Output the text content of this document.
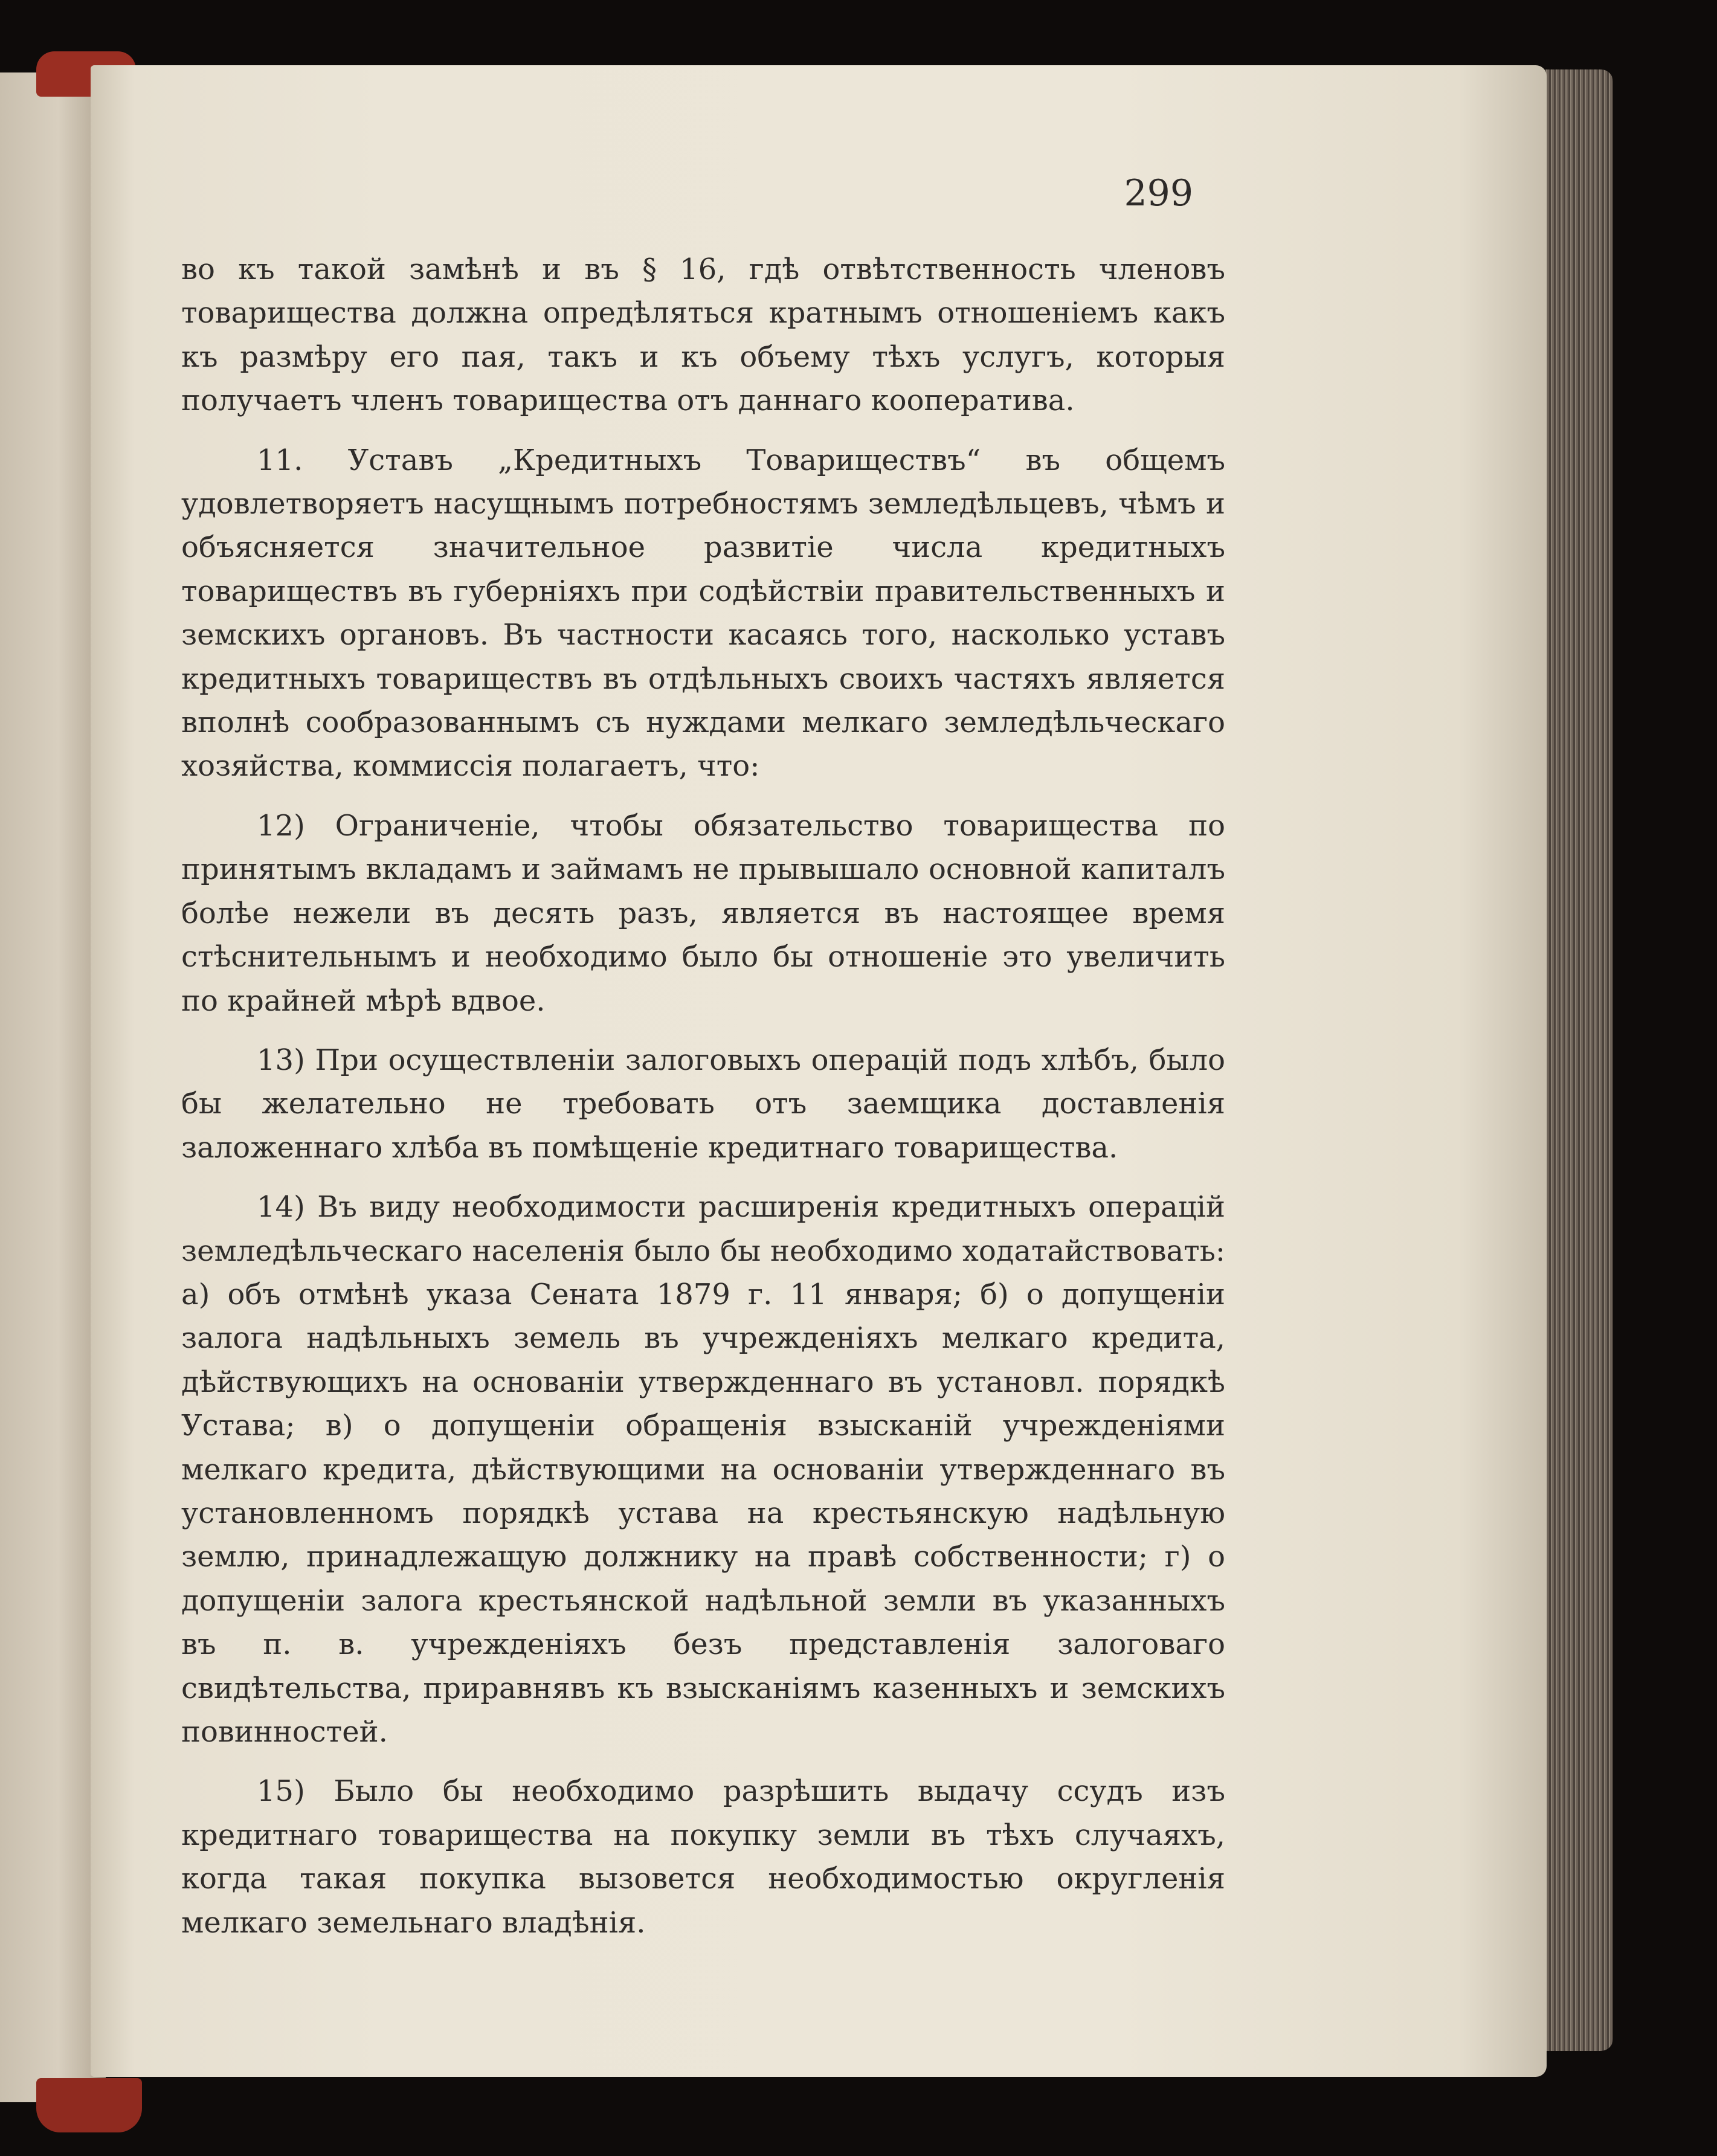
299

во къ такой замѣнѣ и въ § 16, гдѣ отвѣтственность членовъ товарищества должна опредѣляться кратнымъ отношеніемъ какъ къ размѣру его пая, такъ и къ объему тѣхъ услугъ, которыя получаетъ членъ товарищества отъ даннаго кооператива.

11. Уставъ „Кредитныхъ Товариществъ“ въ общемъ удовлетворяетъ насущнымъ потребностямъ земледѣльцевъ, чѣмъ и объясняется значительное развитіе числа кредитныхъ товариществъ въ губерніяхъ при содѣйствіи правительственныхъ и земскихъ органовъ. Въ частности касаясь того, насколько уставъ кредитныхъ товариществъ въ отдѣльныхъ своихъ частяхъ является вполнѣ сообразованнымъ съ нуждами мелкаго земледѣльческаго хозяйства, коммиссія полагаетъ, что:

12) Ограниченіе, чтобы обязательство товарищества по принятымъ вкладамъ и займамъ не прывышало основной капиталъ болѣе нежели въ десять разъ, является въ настоящее время стѣснительнымъ и необходимо было бы отношеніе это увеличить по крайней мѣрѣ вдвое.

13) При осуществленіи залоговыхъ операцій подъ хлѣбъ, было бы желательно не требовать отъ заемщика доставленія заложеннаго хлѣба въ помѣщеніе кредитнаго товарищества.

14) Въ виду необходимости расширенія кредитныхъ операцій земледѣльческаго населенія было бы необходимо ходатайствовать: а) объ отмѣнѣ указа Сената 1879 г. 11 января; б) о допущеніи залога надѣльныхъ земель въ учрежденіяхъ мелкаго кредита, дѣйствующихъ на основаніи утвержденнаго въ установл. порядкѣ Устава; в) о допущеніи обращенія взысканій учрежденіями мелкаго кредита, дѣйствующими на основаніи утвержденнаго въ установленномъ порядкѣ устава на крестьянскую надѣльную землю, принадлежащую должнику на правѣ собственности; г) о допущеніи залога крестьянской надѣльной земли въ указанныхъ въ п. в. учрежденіяхъ безъ представленія залоговаго свидѣтельства, приравнявъ къ взысканіямъ казенныхъ и земскихъ повинностей.

15) Было бы необходимо разрѣшить выдачу ссудъ изъ кредитнаго товарищества на покупку земли въ тѣхъ случаяхъ, когда такая покупка вызовется необходимостью округленія мелкаго земельнаго владѣнія.
